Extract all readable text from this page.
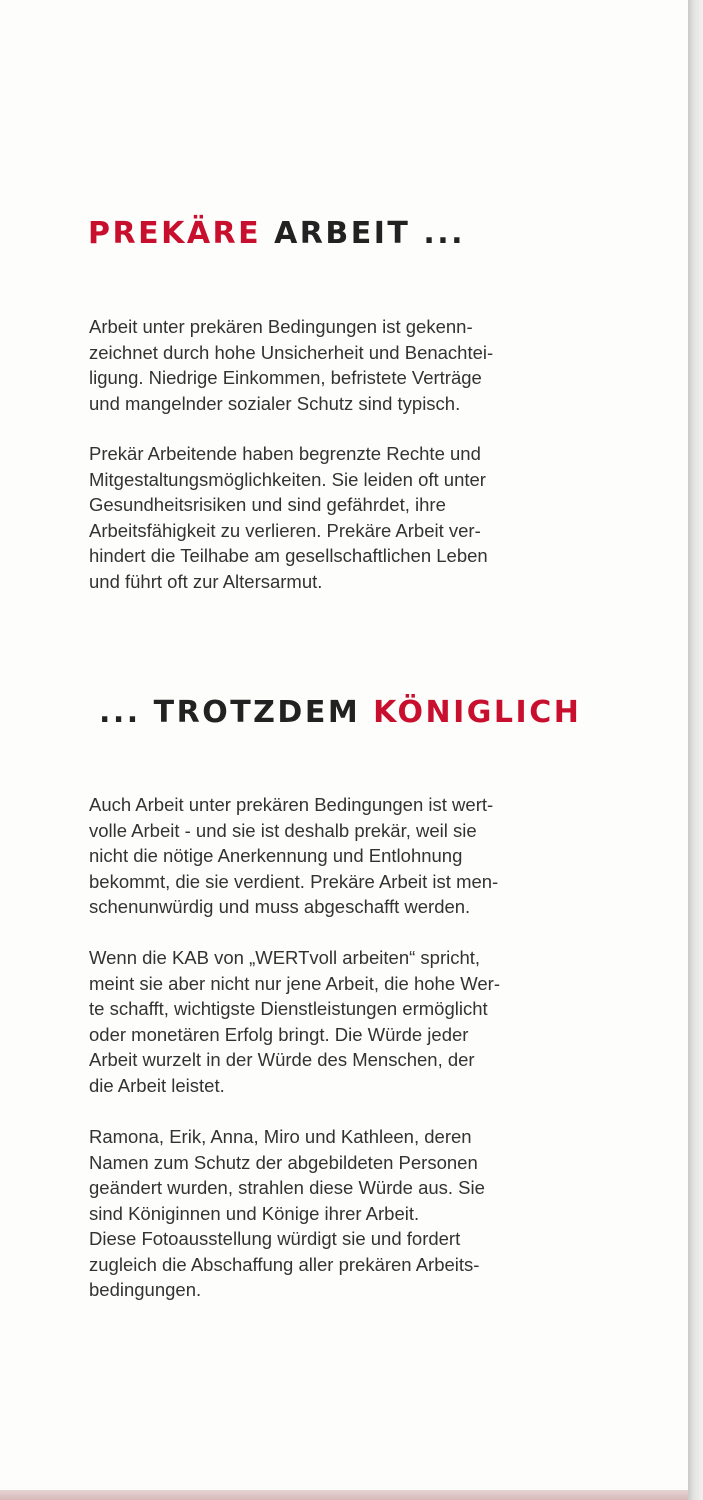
PREKÄRE ARBEIT ...

Arbeit unter prekären Bedingungen ist gekenn-
zeichnet durch hohe Unsicherheit und Benachtei-
ligung. Niedrige Einkommen, befristete Verträge
und mangelnder sozialer Schutz sind typisch.

Prekär Arbeitende haben begrenzte Rechte und
Mitgestaltungsmöglichkeiten. Sie leiden oft unter
Gesundheitsrisiken und sind gefährdet, ihre
Arbeitsfähigkeit zu verlieren. Prekäre Arbeit ver-
hindert die Teilhabe am gesellschaftlichen Leben
und führt oft zur Altersarmut.

... TROTZDEM KÖNIGLICH

Auch Arbeit unter prekären Bedingungen ist wert-
volle Arbeit - und sie ist deshalb prekär, weil sie
nicht die nötige Anerkennung und Entlohnung
bekommt, die sie verdient. Prekäre Arbeit ist men-
schenunwürdig und muss abgeschafft werden.

Wenn die KAB von „WERTvoll arbeiten“ spricht,
meint sie aber nicht nur jene Arbeit, die hohe Wer-
te schafft, wichtigste Dienstleistungen ermöglicht
oder monetären Erfolg bringt. Die Würde jeder
Arbeit wurzelt in der Würde des Menschen, der
die Arbeit leistet.

Ramona, Erik, Anna, Miro und Kathleen, deren
Namen zum Schutz der abgebildeten Personen
geändert wurden, strahlen diese Würde aus. Sie
sind Königinnen und Könige ihrer Arbeit.
Diese Fotoausstellung würdigt sie und fordert
zugleich die Abschaffung aller prekären Arbeits-
bedingungen.
